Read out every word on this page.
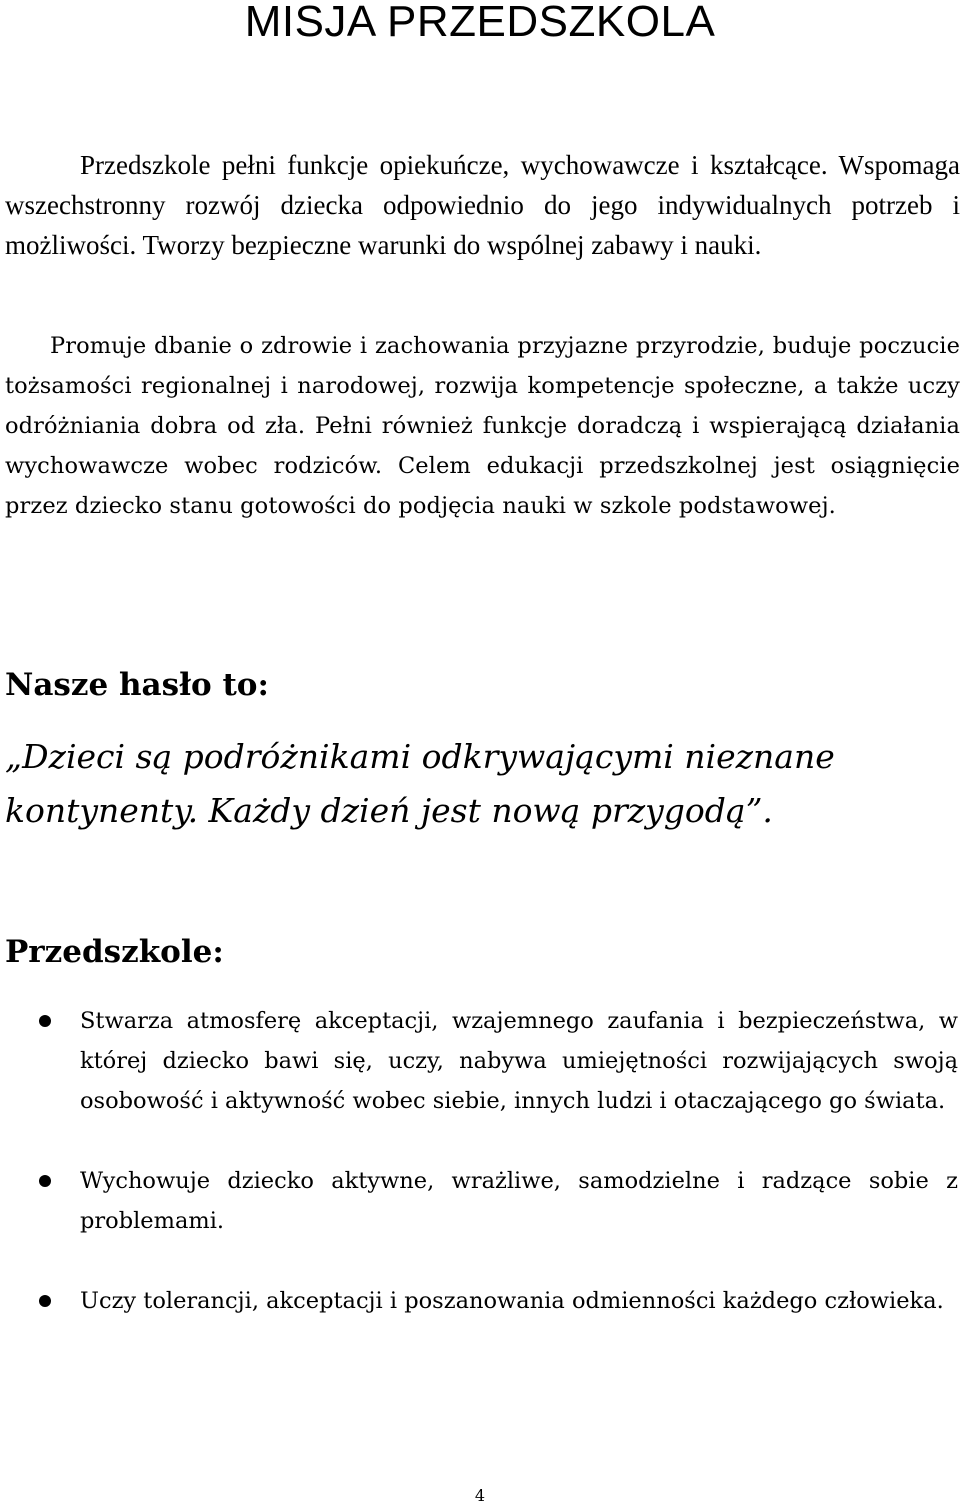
MISJA PRZEDSZKOLA

Przedszkole pełni funkcje opiekuńcze, wychowawcze i kształcące. Wspomaga wszechstronny rozwój dziecka odpowiednio do jego indywidualnych potrzeb i możliwości. Tworzy bezpieczne warunki do wspólnej zabawy i nauki.

Promuje dbanie o zdrowie i zachowania przyjazne przyrodzie, buduje poczucie tożsamości regionalnej i narodowej, rozwija kompetencje społeczne, a także uczy odróżniania dobra od zła. Pełni również funkcje doradczą i wspierającą działania wychowawcze wobec rodziców. Celem edukacji przedszkolnej jest osiągnięcie przez dziecko stanu gotowości do podjęcia nauki w szkole podstawowej.

Nasze hasło to:

„Dzieci są podróżnikami odkrywającymi nieznane kontynenty. Każdy dzień jest nową przygodą”.

Przedszkole:
Stwarza atmosferę akceptacji, wzajemnego zaufania i bezpieczeństwa, w której dziecko bawi się, uczy, nabywa umiejętności rozwijających swoją osobowość i aktywność wobec siebie, innych ludzi i otaczającego go świata.
Wychowuje dziecko aktywne, wrażliwe, samodzielne i radzące sobie z problemami.
Uczy tolerancji, akceptacji i poszanowania odmienności każdego człowieka.
4
